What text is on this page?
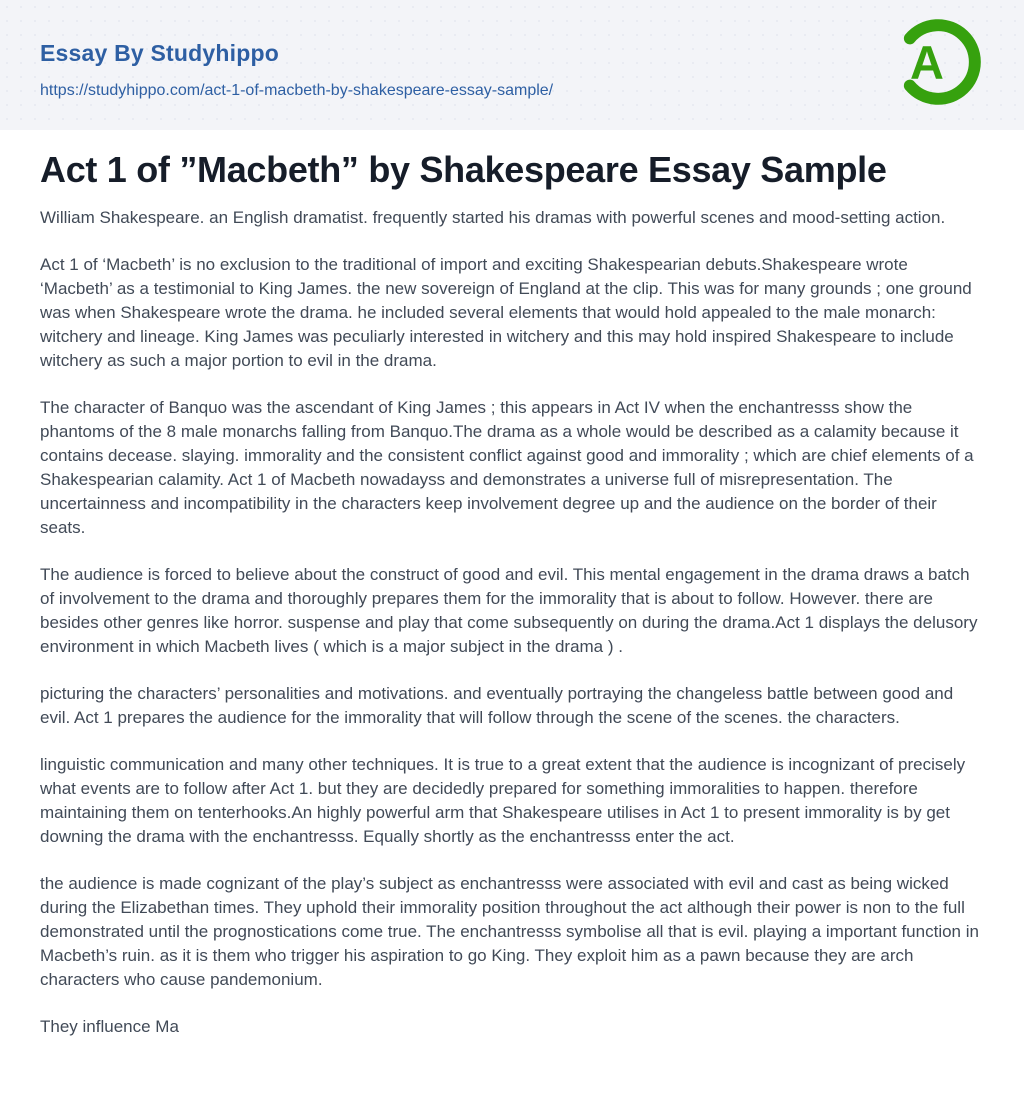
Essay By Studyhippo
https://studyhippo.com/act-1-of-macbeth-by-shakespeare-essay-sample/
A
Act 1 of ”Macbeth” by Shakespeare Essay Sample

William Shakespeare. an English dramatist. frequently started his dramas with powerful scenes and mood-setting action.

Act 1 of ‘Macbeth’ is no exclusion to the traditional of import and exciting Shakespearian debuts.Shakespeare wrote ‘Macbeth’ as a testimonial to King James. the new sovereign of England at the clip. This was for many grounds ; one ground was when Shakespeare wrote the drama. he included several elements that would hold appealed to the male monarch: witchery and lineage. King James was peculiarly interested in witchery and this may hold inspired Shakespeare to include witchery as such a major portion to evil in the drama.

The character of Banquo was the ascendant of King James ; this appears in Act IV when the enchantresss show the phantoms of the 8 male monarchs falling from Banquo.The drama as a whole would be described as a calamity because it contains decease. slaying. immorality and the consistent conflict against good and immorality ; which are chief elements of a Shakespearian calamity. Act 1 of Macbeth nowadayss and demonstrates a universe full of misrepresentation. The uncertainness and incompatibility in the characters keep involvement degree up and the audience on the border of their seats.

The audience is forced to believe about the construct of good and evil. This mental engagement in the drama draws a batch of involvement to the drama and thoroughly prepares them for the immorality that is about to follow. However. there are besides other genres like horror. suspense and play that come subsequently on during the drama.Act 1 displays the delusory environment in which Macbeth lives ( which is a major subject in the drama ) .

picturing the characters’ personalities and motivations. and eventually portraying the changeless battle between good and evil. Act 1 prepares the audience for the immorality that will follow through the scene of the scenes. the characters.

linguistic communication and many other techniques. It is true to a great extent that the audience is incognizant of precisely what events are to follow after Act 1. but they are decidedly prepared for something immoralities to happen. therefore maintaining them on tenterhooks.An highly powerful arm that Shakespeare utilises in Act 1 to present immorality is by get downing the drama with the enchantresss. Equally shortly as the enchantresss enter the act.

the audience is made cognizant of the play’s subject as enchantresss were associated with evil and cast as being wicked during the Elizabethan times. They uphold their immorality position throughout the act although their power is non to the full demonstrated until the prognostications come true. The enchantresss symbolise all that is evil. playing a important function in Macbeth’s ruin. as it is them who trigger his aspiration to go King. They exploit him as a pawn because they are arch characters who cause pandemonium.

They influence Ma
